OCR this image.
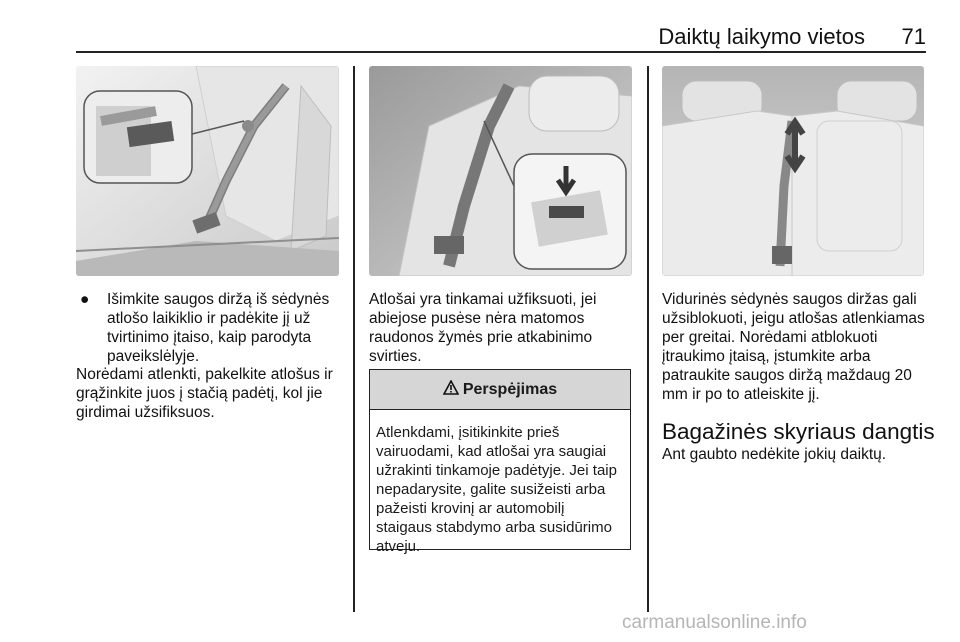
Daiktų laikymo vietos 71
●	Išimkite saugos diržą iš sėdynės atlošo laikiklio ir padėkite jį už tvirtinimo įtaiso, kaip parodyta paveikslėlyje.
Norėdami atlenkti, pakelkite atlošus ir grąžinkite juos į stačią padėtį, kol jie girdimai užsifiksuos.
Atlošai yra tinkamai užfiksuoti, jei abiejose pusėse nėra matomos raudonos žymės prie atkabinimo svirties.
Perspėjimas
Atlenkdami, įsitikinkite prieš vairuodami, kad atlošai yra saugiai užrakinti tinkamoje padėtyje. Jei taip nepadarysite, galite susižeisti arba pažeisti krovinį ar automobilį staigaus stabdymo arba susidūrimo atveju.
Vidurinės sėdynės saugos diržas gali užsiblokuoti, jeigu atlošas atlenkiamas per greitai. Norėdami atblokuoti įtraukimo įtaisą, įstumkite arba patraukite saugos diržą maždaug 20 mm ir po to atleiskite jį.
Bagažinės skyriaus dangtis
Ant gaubto nedėkite jokių daiktų.
carmanualsonline.info
